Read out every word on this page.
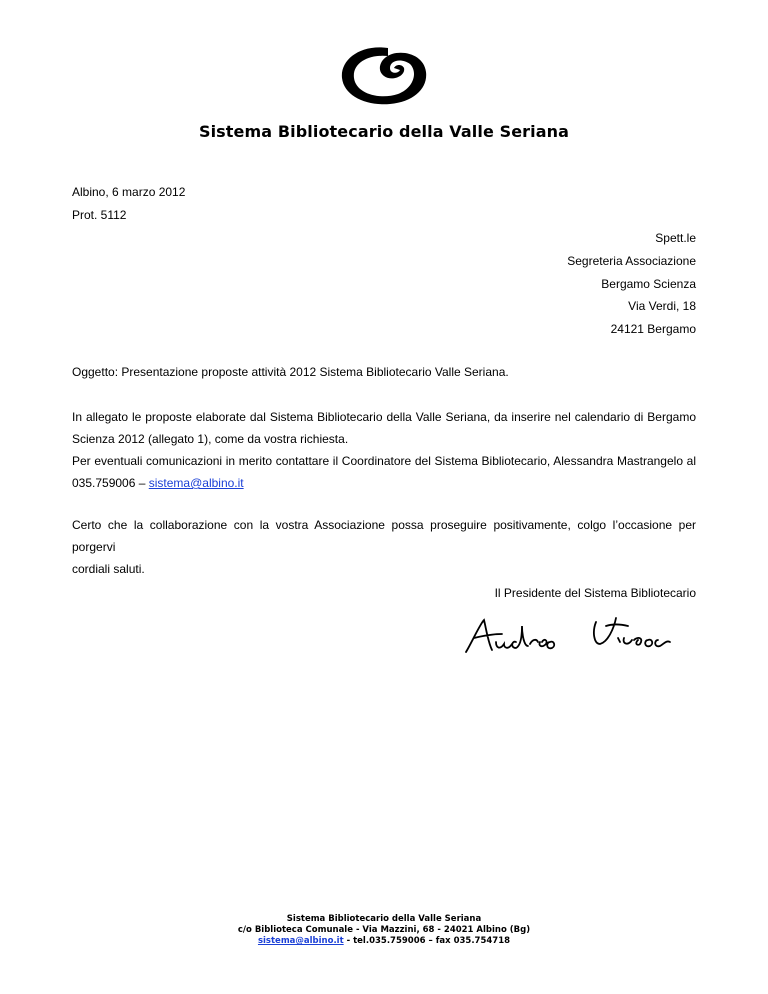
Sistema Bibliotecario della Valle Seriana
Albino, 6 marzo 2012
Prot. 5112
Spett.le
Segreteria Associazione
Bergamo Scienza
Via Verdi, 18
24121 Bergamo
Oggetto: Presentazione proposte attività 2012 Sistema Bibliotecario Valle Seriana.
In allegato le proposte elaborate dal Sistema Bibliotecario della Valle Seriana, da inserire nel calendario di Bergamo
Scienza 2012 (allegato 1), come da vostra richiesta.
Per eventuali comunicazioni in merito contattare il Coordinatore del Sistema Bibliotecario, Alessandra Mastrangelo al
035.759006 – sistema@albino.it
Certo che la collaborazione con la vostra Associazione possa proseguire positivamente, colgo l’occasione per porgervi
cordiali saluti.
Il Presidente del Sistema Bibliotecario
Sistema Bibliotecario della Valle Seriana
c/o Biblioteca Comunale - Via Mazzini, 68 - 24021 Albino (Bg)
sistema@albino.it - tel.035.759006 – fax 035.754718
